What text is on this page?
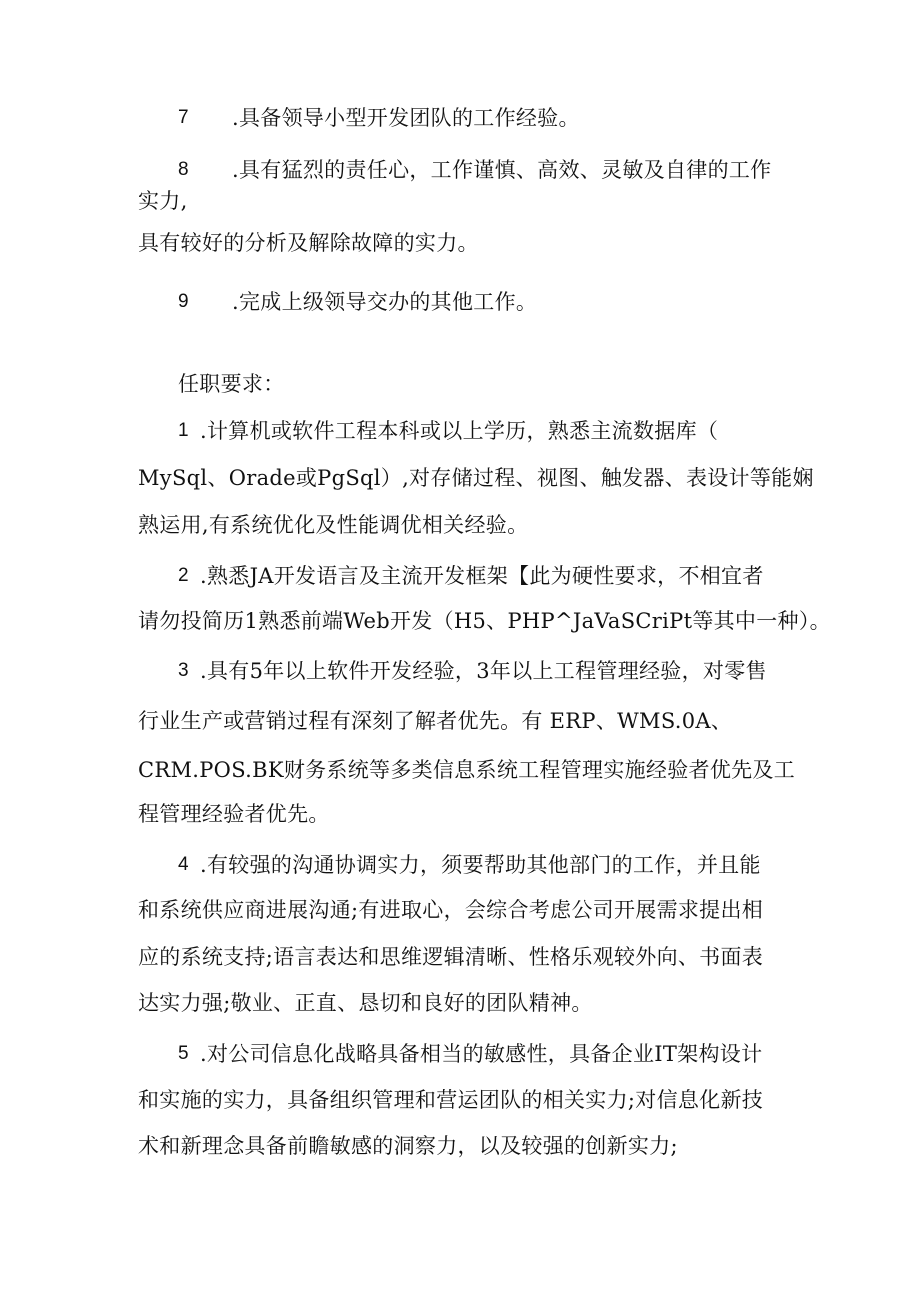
7 .具备领导小型开发团队的工作经验。
8 .具有猛烈的责任心，工作谨慎、高效、灵敏及自律的工作
实力,
具有较好的分析及解除故障的实力。
9 .完成上级领导交办的其他工作。
任职要求：
1 .计算机或软件工程本科或以上学历，熟悉主流数据库（
MySql、Orade或PgSql）,对存储过程、视图、触发器、表设计等能娴
熟运用,有系统优化及性能调优相关经验。
2 .熟悉JA开发语言及主流开发框架【此为硬性要求，不相宜者
请勿投简历1熟悉前端Web开发（H5、PHP^JaVaSCriPt等其中一种）。
3 .具有5年以上软件开发经验，3年以上工程管理经验，对零售
行业生产或营销过程有深刻了解者优先。有 ERP、WMS.0A、
CRM.POS.BK财务系统等多类信息系统工程管理实施经验者优先及工
程管理经验者优先。
4 .有较强的沟通协调实力，须要帮助其他部门的工作，并且能
和系统供应商进展沟通;有进取心，会综合考虑公司开展需求提出相
应的系统支持;语言表达和思维逻辑清晰、性格乐观较外向、书面表
达实力强;敬业、正直、恳切和良好的团队精神。
5 .对公司信息化战略具备相当的敏感性，具备企业IT架构设计
和实施的实力，具备组织管理和营运团队的相关实力;对信息化新技
术和新理念具备前瞻敏感的洞察力，以及较强的创新实力;
